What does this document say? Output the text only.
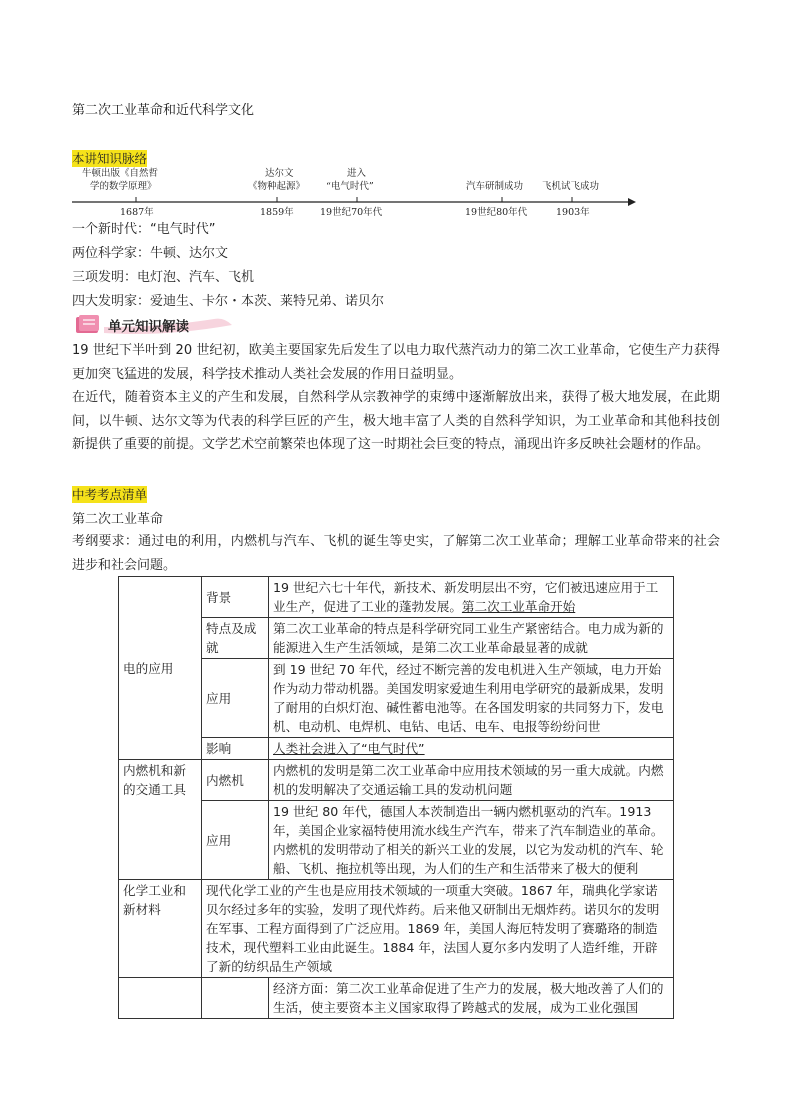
第二次工业革命和近代科学文化
本讲知识脉络
牛顿出版《自然哲
学的数学原理》
达尔文
《物种起源》
进入
“电气时代”	汽车研制成功 飞机试飞成功
1687年	1859年	19世纪70年代	19世纪80年代	1903年
一个新时代：“电气时代”
两位科学家：牛顿、达尔文
三项发明：电灯泡、汽车、飞机
四大发明家：爱迪生、卡尔・本茨、莱特兄弟、诺贝尔
单元知识解读
19 世纪下半叶到 20 世纪初，欧美主要国家先后发生了以电力取代蒸汽动力的第二次工业革命，它使生产力获得更加突飞猛进的发展，科学技术推动人类社会发展的作用日益明显。
在近代，随着资本主义的产生和发展，自然科学从宗教神学的束缚中逐渐解放出来，获得了极大地发展，在此期间，以牛顿、达尔文等为代表的科学巨匠的产生，极大地丰富了人类的自然科学知识，为工业革命和其他科技创新提供了重要的前提。文学艺术空前繁荣也体现了这一时期社会巨变的特点，涌现出许多反映社会题材的作品。
中考考点清单
第二次工业革命
考纲要求：通过电的利用，内燃机与汽车、飞机的诞生等史实，了解第二次工业革命；理解工业革命带来的社会进步和社会问题。
电的应用	背景	19 世纪六七十年代，新技术、新发明层出不穷，它们被迅速应用于工业生产，促进了工业的蓬勃发展。第二次工业革命开始
	特点及成就	第二次工业革命的特点是科学研究同工业生产紧密结合。电力成为新的能源进入生产生活领域，是第二次工业革命最显著的成就
	应用	到 19 世纪 70 年代，经过不断完善的发电机进入生产领域，电力开始作为动力带动机器。美国发明家爱迪生利用电学研究的最新成果，发明了耐用的白炽灯泡、碱性蓄电池等。在各国发明家的共同努力下，发电机、电动机、电焊机、电钻、电话、电车、电报等纷纷问世
	影响	人类社会进入了“电气时代”
内燃机和新的交通工具	内燃机	内燃机的发明是第二次工业革命中应用技术领域的另一重大成就。内燃机的发明解决了交通运输工具的发动机问题
	应用	19 世纪 80 年代，德国人本茨制造出一辆内燃机驱动的汽车。1913 年，美国企业家福特使用流水线生产汽车，带来了汽车制造业的革命。内燃机的发明带动了相关的新兴工业的发展，以它为发动机的汽车、轮船、飞机、拖拉机等出现，为人们的生产和生活带来了极大的便利
化学工业和新材料	现代化学工业的产生也是应用技术领域的一项重大突破。1867 年，瑞典化学家诺贝尔经过多年的实验，发明了现代炸药。后来他又研制出无烟炸药。诺贝尔的发明在军事、工程方面得到了广泛应用。1869 年，美国人海厄特发明了赛璐珞的制造技术，现代塑料工业由此诞生。1884 年，法国人夏尔多内发明了人造纤维，开辟了新的纺织品生产领域	
		经济方面：第二次工业革命促进了生产力的发展，极大地改善了人们的生活，使主要资本主义国家取得了跨越式的发展，成为工业化强国
